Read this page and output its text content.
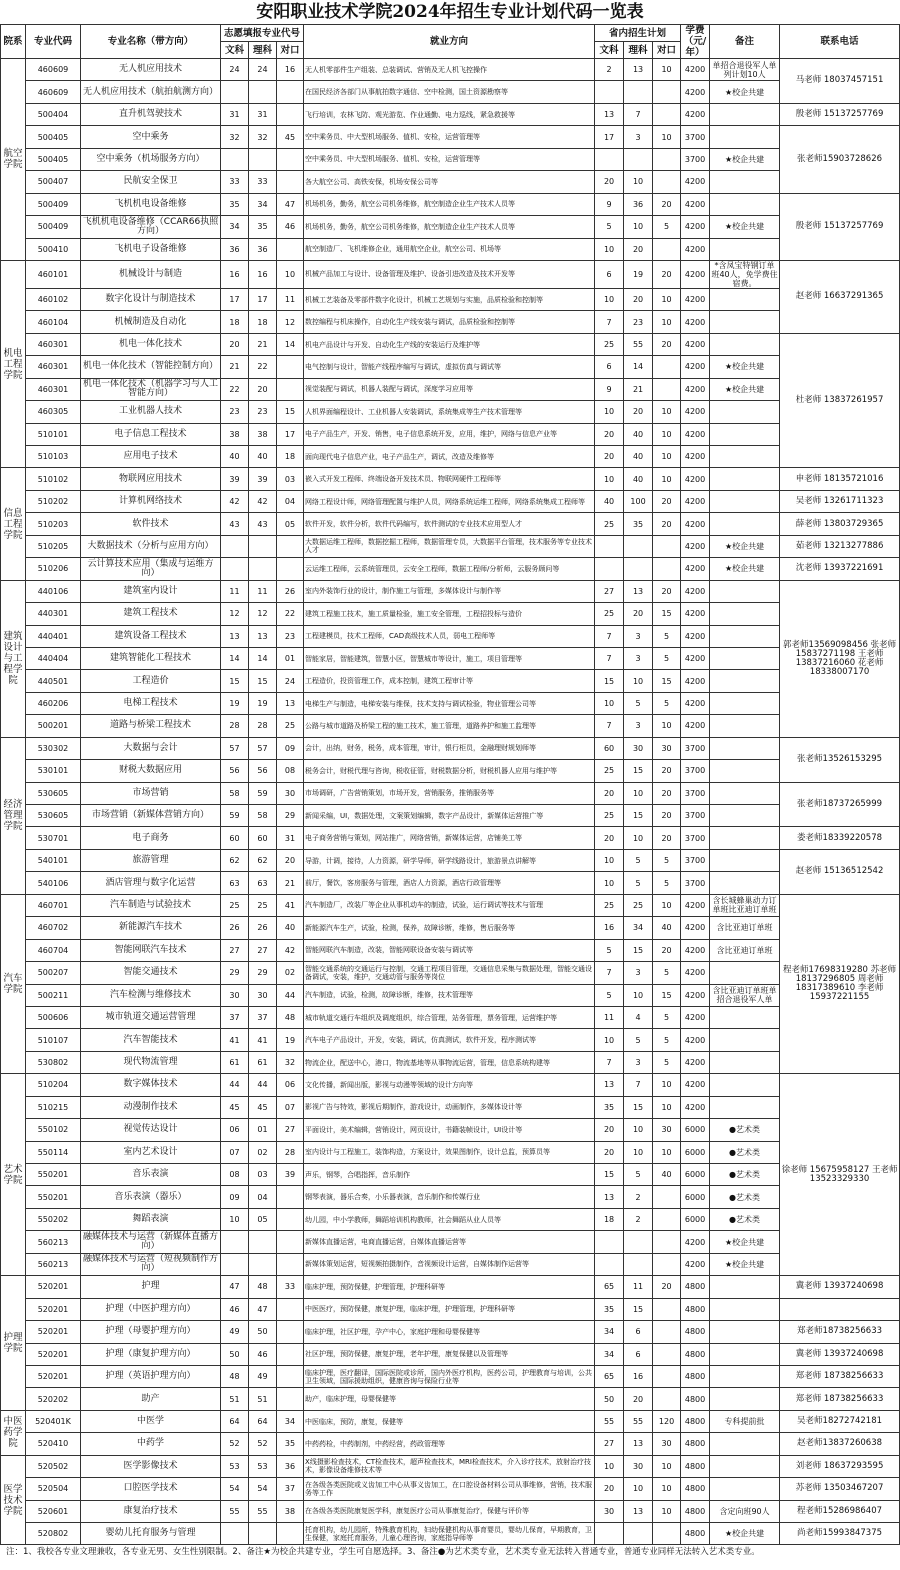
安阳职业技术学院2024年招生专业计划代码一览表
院系	专业代码	专业名称（带方向）	志愿填报专业代号			就业方向	省内招生计划			学费（元/年）	备注	联系电话
			文科	理科	对口		文科	理科	对口			
航空学院	460609	无人机应用技术	24	24	16	无人机零部件生产组装、总装调试、营销及无人机飞控操作	2	13	10	4200	单招合退役军人单列计划10人	马老师 18037457151
	460609	无人机应用技术（航拍航测方向）				在国民经济各部门从事航拍数字通信、空中检测，国土资源勘察等				4200	★校企共建	
	500404	直升机驾驶技术	31	31		飞行培训，农林飞防、观光游览、作业通勤、电力巡线，紧急救援等	13	7		4200		殷老师 15137257769
	500405	空中乘务	32	32	45	空中乘务员、中大型机场服务、值机、安检，运营管理等	17	3	10	3700		张老师15903728626
	500405	空中乘务（机场服务方向）				空中乘务员、中大型机场服务、值机、安检，运营管理等				3700	★校企共建	
	500407	民航安全保卫	33	33		各大航空公司、高铁安保，机场安保公司等	20	10		4200		
	500409	飞机机电设备维修	35	34	47	机场机务，勤务，航空公司机务维修，航空制造企业生产技术人员等	9	36	20	4200		殷老师 15137257769
	500409	飞机机电设备维修（CCAR66执照方向）	34	35	46	机场机务，勤务，航空公司机务维修，航空制造企业生产技术人员等	5	10	5	4200	★校企共建	
	500410	飞机电子设备维修	36	36		航空制造厂、飞机维修企业，通用航空企业，航空公司、机场等	10	20		4200		
机电工程学院	460101	机械设计与制造	16	16	10	机械产品加工与设计、设备管理及维护、设备引进改造及技术开发等	6	19	20	4200	*含凤宝特钢订单班40人，免学费住宿费。	赵老师 16637291365
	460102	数字化设计与制造技术	17	17	11	机械工艺装备及零部件数字化设计，机械工艺规划与实施，品质检验和控制等	10	20	10	4200		
	460104	机械制造及自动化	18	18	12	数控编程与机床操作，自动化生产线安装与调试，品质检验和控制等	7	23	10	4200		
	460301	机电一体化技术	20	21	14	机电产品设计与开发、自动化生产线的安装运行及维护等	25	55	20	4200		杜老师 13837261957
	460301	机电一体化技术（智能控制方向）	21	22		电气控制与设计，智能产线程序编写与调试，虚拟仿真与调试等	6	14		4200	★校企共建	
	460301	机电一体化技术（机器学习与人工智能方向）	22	20		视觉装配与调试，机器人装配与调试，深度学习应用等	9	21		4200	★校企共建	
	460305	工业机器人技术	23	23	15	人机界面编程设计、工业机器人安装调试，系统集成等生产技术管理等	10	20	10	4200		
	510101	电子信息工程技术	38	38	17	电子产品生产，开发、销售，电子信息系统开发，应用，维护，网络与信息产业等	20	40	10	4200		
	510103	应用电子技术	40	40	18	面向现代电子信息产业，电子产品生产，调试，改造及维修等	20	40	10	4200		
信息工程学院	510102	物联网应用技术	39	39	03	嵌入式开发工程师、终端设备开发技术员、物联网硬件工程师等	10	40	10	4200		申老师 18135721016
	510202	计算机网络技术	42	42	04	网络工程设计师，网络管理配置与维护人员，网络系统运维工程师，网络系统集成工程师等	40	100	20	4200		吴老师 13261711323
	510203	软件技术	43	43	05	软件开发，软件分析，软件代码编写，软件测试的专业技术应用型人才	25	35	20	4200		薛老师 13803729365
	510205	大数据技术（分析与应用方向）				大数据运维工程师，数据挖掘工程师，数据管理专员，大数据平台管理，技术服务等专业技术人才				4200	★校企共建	茹老师 13213277886
	510206	云计算技术应用（集成与运维方向）				云运维工程师，云系统管理员，云安全工程师，数据工程师/分析师，云服务顾问等				4200	★校企共建	沈老师 13937221691
建筑设计与工程学院	440106	建筑室内设计	11	11	26	室内外装饰行业的设计，制作施工与管理，多媒体设计与制作等	27	13	20	4200		郭老师13569098456 张老师15837271198 王老师 13837216060 花老师 18338007170
	440301	建筑工程技术	12	12	22	建筑工程施工技术，施工质量检验，施工安全管理，工程招投标与造价	25	20	15	4200		
	440401	建筑设备工程技术	13	13	23	工程建模员，技术工程师，CAD高级技术人员，弱电工程师等	7	3	5	4200		
	440404	建筑智能化工程技术	14	14	01	智能家居，智能建筑，智慧小区，智慧城市等设计，施工，项目管理等	7	3	5	4200		
	440501	工程造价	15	15	24	工程造价，投资管理工作，成本控制，建筑工程审计等	15	10	15	4200		
	460206	电梯工程技术	19	19	13	电梯生产与制造，电梯安装与维保，技术支持与调试检验，物业管理公司等	10	5	5	4200		
	500201	道路与桥梁工程技术	28	28	25	公路与城市道路及桥梁工程的施工技术，施工管理，道路养护和施工监理等	7	3	10	4200		
经济管理学院	530302	大数据与会计	57	57	09	会计，出纳，财务，税务，成本管理，审计，银行柜员，金融理财规划师等	60	30	30	3700		张老师13526153295
	530101	财税大数据应用	56	56	08	税务会计，财税代理与咨询，税收征管，财税数据分析，财税机器人应用与维护等	25	15	20	3700		
	530605	市场营销	58	59	30	市场调研，广告营销策划，市场开发，营销服务，推销服务等	20	10	20	3700		张老师18737265999
	530605	市场营销（新媒体营销方向）	59	58	29	新闻采编，UI，数据处理，文案策划编辑，数字产品设计，新媒体运营推广等	25	15	20	3700		
	530701	电子商务	60	60	31	电子商务营销与策划，网站推广，网络营销，新媒体运营，店铺美工等	20	10	20	3700		娄老师18339220578
	540101	旅游管理	62	62	20	导游，计调，接待，人力资源，研学导师，研学线路设计，旅游景点讲解等	10	5	5	3700		赵老师 15136512542
	540106	酒店管理与数字化运营	63	63	21	前厅，餐饮，客房服务与管理，酒店人力资源，酒店行政管理等	10	5	5	3700		
汽车学院	460701	汽车制造与试验技术	25	25	41	汽车制造厂，改装厂等企业从事机动车的制造，试验，运行调试等技术与管理	25	25	10	4200	含长城蜂巢动力订单班比亚迪订单班	程老师17698319280 苏老师18137296805 周老师18317389610 李老师15937221155
	460702	新能源汽车技术	26	26	40	新能源汽车生产，试验，检测，保养，故障诊断，维修，售后服务等	16	34	40	4200	含比亚迪订单班	
	460704	智能网联汽车技术	27	27	42	智能网联汽车制造，改装，智能网联设备安装与调试等	5	15	20	4200	含比亚迪订单班	
	500207	智能交通技术	29	29	02	智能交通系统的交通运行与控制，交通工程项目管理，交通信息采集与数据处理，智能交通设备调试，安装，维护，交通动管与服务等岗位	7	3	5	4200		
	500211	汽车检测与维修技术	30	30	44	汽车制造，试验，检测，故障诊断，维修，技术管理等	5	10	15	4200	含比亚迪订单班单招合退役军人单	
	500606	城市轨道交通运营管理	37	37	48	城市轨道交通行车组织及调度组织，综合管理，站务管理，票务管理，运营维护等	11	4	5	4200		
	510107	汽车智能技术	41	41	19	汽车电子产品设计，开发，安装，调试，仿真测试，软件开发，程序测试等	10	5	5	4200		
	530802	现代物流管理	61	61	32	物流企业，配送中心，港口，物流基地等从事物流运营，管理，信息系统构建等	7	3	5	4200		
艺术学院	510204	数字媒体技术	44	44	06	文化传播，新闻出版，影视与动漫等领域的设计方向等	13	7	10	4200		徐老师 15675958127 王老师 13523329330
	510215	动漫制作技术	45	45	07	影视广告与特效，影视后期制作，游戏设计，动画制作，多媒体设计等	35	15	10	4200		
	550102	视觉传达设计	06	01	27	平面设计，美术编辑，营销设计，网页设计，书籍装帧设计，UI设计等	20	10	30	6000	●艺术类	
	550114	室内艺术设计	07	02	28	室内设计与工程施工，装饰构造，方案设计，效果图制作，设计总监，预算员等	20	10	10	6000	●艺术类	
	550201	音乐表演	08	03	39	声乐，钢琴，合唱指挥，音乐制作	15	5	40	6000	●艺术类	
	550201	音乐表演（器乐）	09	04		钢琴表演，器乐合奏，小乐器表演，音乐制作和传媒行业	13	2		6000	●艺术类	
	550202	舞蹈表演	10	05		幼儿园，中小学教师，舞蹈培训机构教师，社会舞蹈从业人员等	18	2		6000	●艺术类	
	560213	融媒体技术与运营（新媒体直播方向）				新媒体直播运营，电商直播运营，自媒体直播运营等				4200	★校企共建	
	560213	融媒体技术与运营（短视频制作方向）				新媒体策划运营，短视频拍摄制作，音视频设计运营，自媒体制作运营等				4200	★校企共建	
护理学院	520201	护理	47	48	33	临床护理，预防保健，护理管理，护理科研等	65	11	20	4800		冀老师 13937240698
	520201	护理（中医护理方向）	46	47		中医医疗，预防保健，康复护理，临床护理，护理管理，护理科研等	35	15		4800		
	520201	护理（母婴护理方向）	49	50		临床护理，社区护理，孕产中心，家庭护理和母婴保健等	34	6		4800		郑老师18738256633
	520201	护理（康复护理方向）	50	46		社区护理，预防保健，康复护理，老年护理，康复保健以及管理等	34	6		4800		冀老师 13937240698
	520201	护理（英语护理方向）	48	49		临床护理，医疗翻译，国际医院或诊所，国内外医疗机构，医药公司，护理教育与培训，公共卫生领域，国际援助组织，健康咨询与保险行业等	65	16		4800		郑老师 18738256633
	520202	助产	51	51		助产，临床护理，母婴保健等	50	20		4800		郑老师 18738256633
中医药学院	520401K	中医学	64	64	34	中医临床，预防，康复，保健等	55	55	120	4800	专科提前批	吴老师18272742181
	520410	中药学	52	52	35	中药药检，中药制剂，中药经营，药政管理等	27	13	30	4800		赵老师13837260638
医学技术学院	520502	医学影像技术	53	53	36	X线摄影检查技术，CT检查技术，超声检查技术，MRI检查技术，介入诊疗技术，放射治疗技术，影像设备维修技术等	10	30	10	4800		刘老师 18637293595
	520504	口腔医学技术	54	54	37	在各级各类医院或义齿加工中心从事义齿加工，在口腔设备材料公司从事维修，营销，技术服务等工作	20	10	10	4800		苏老师 13503467207
	520601	康复治疗技术	55	55	38	在各级各类医院康复医学科，康复医疗公司从事康复治疗，保健与评价等	30	13	10	4800	含定向班90人	程老师15286986407
	520802	婴幼儿托育服务与管理				托育机构，幼儿园所，特殊教育机构，妇幼保健机构从事育婴员，婴幼儿保育，早期教育，卫生保健，家庭托育服务，儿童心理咨询，家庭指导师等				4800	★校企共建	尚老师15993847375
注：1、我校各专业文理兼收，各专业无男、女生性别限制。2、备注★为校企共建专业，学生可自愿选择。3、备注●为艺术类专业，艺术类专业无法转入普通专业，普通专业同样无法转入艺术类专业。
